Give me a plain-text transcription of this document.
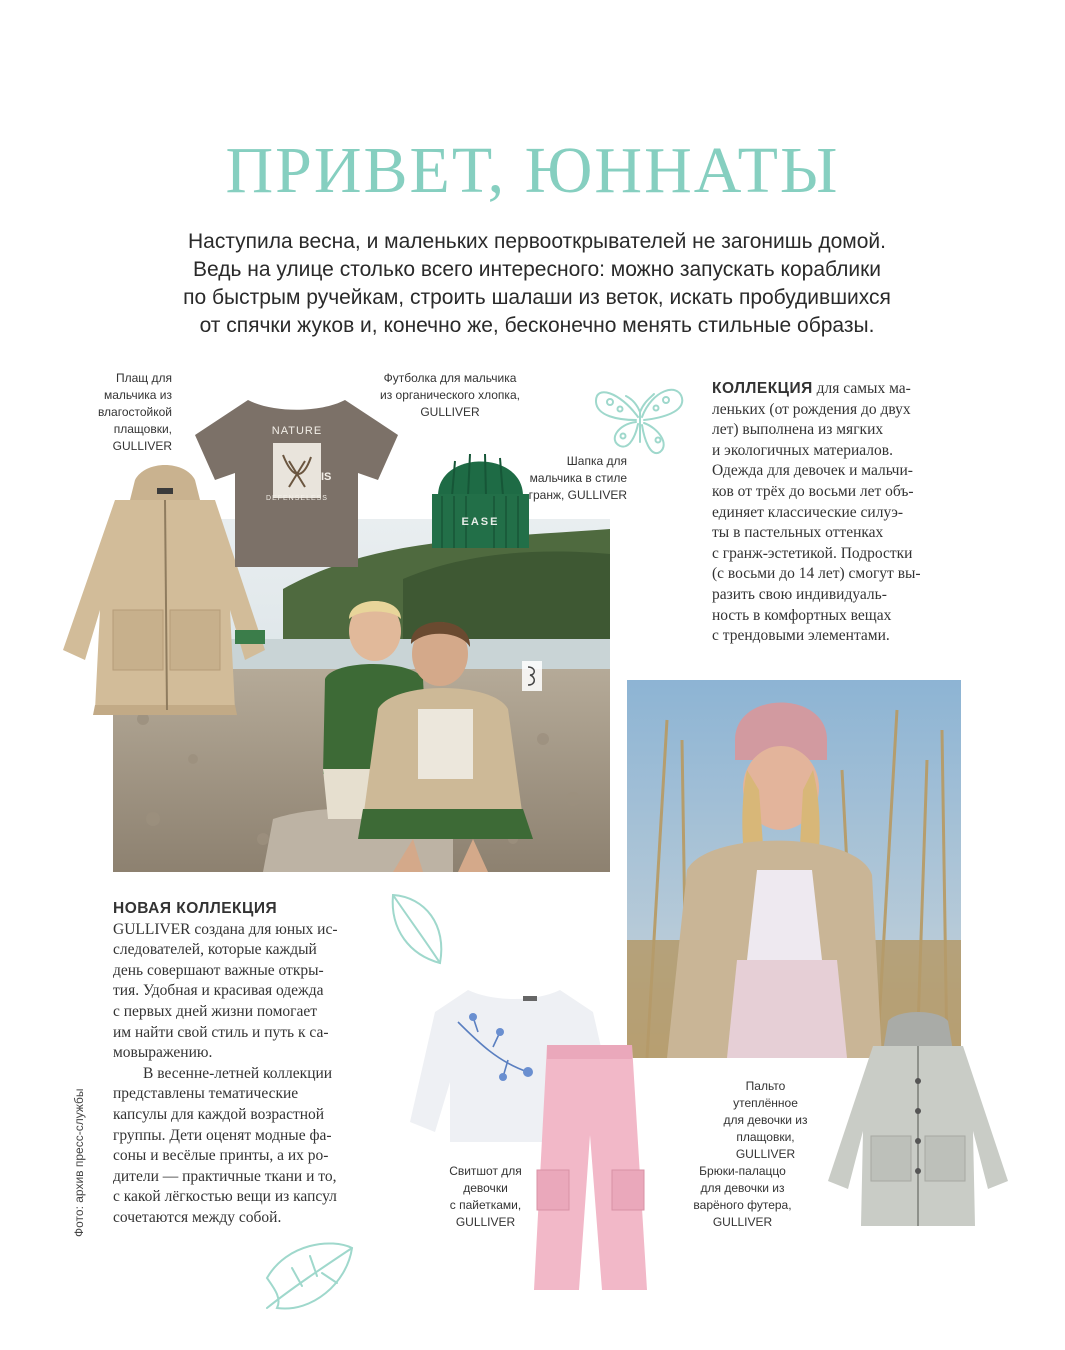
ПРИВЕТ, ЮННАТЫ
Наступила весна, и маленьких первооткрывателей не загонишь домой.
Ведь на улице столько всего интересного: можно запускать кораблики
по быстрым ручейкам, строить шалаши из веток, искать пробудившихся
от спячки жуков и, конечно же, бесконечно менять стильные образы.
Плащ для
мальчика из
влагостойкой
плащовки,
GULLIVER
Футболка для мальчика
из органического хлопка,
GULLIVER
Шапка для
мальчика в стиле
гранж, GULLIVER
КОЛЛЕКЦИЯ для самых ма-
леньких (от рождения до двух
лет) выполнена из мягких
и экологичных материалов.
Одежда для девочек и мальчи-
ков от трёх до восьми лет объ-
единяет классические силуэ-
ты в пастельных оттенках
с гранж-эстетикой. Подростки
(с восьми до 14 лет) смогут вы-
разить свою индивидуаль-
ность в комфортных вещах
с трендовыми элементами.
NATURE
IS
DEFENSELESS
EASE
НОВАЯ КОЛЛЕКЦИЯ
GULLIVER создана для юных ис-
следователей, которые каждый
день совершают важные откры-
тия. Удобная и красивая одежда
с первых дней жизни помогает
им найти свой стиль и путь к са-
мовыражению.
В весенне-летней коллекции
представлены тематические
капсулы для каждой возрастной
группы. Дети оценят модные фа-
соны и весёлые принты, а их ро-
дители — практичные ткани и то,
с какой лёгкостью вещи из капсул
сочетаются между собой.
Фото: архив пресс-службы	Свитшот для
девочки
с пайетками,
GULLIVER
Пальто утеплённое
для девочки из
плащовки,
GULLIVER
Брюки-палаццо
для девочки из
варёного футера,
GULLIVER
